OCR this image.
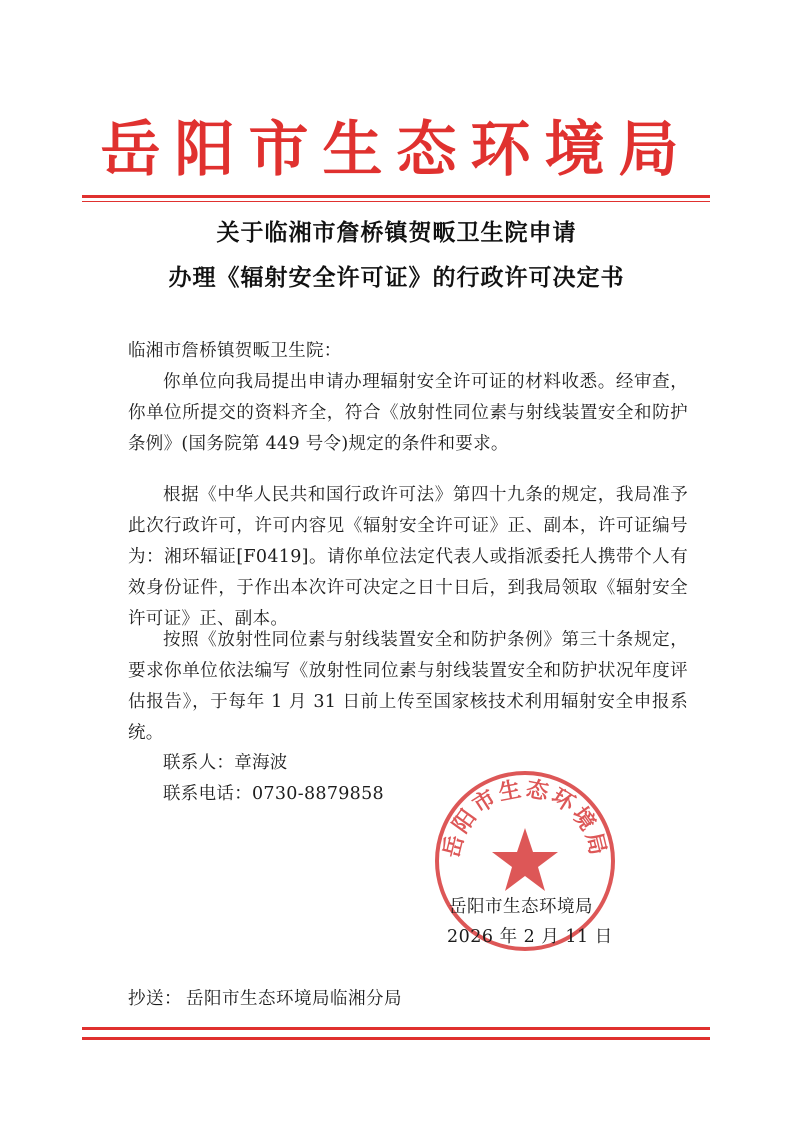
岳阳市生态环境局
关于临湘市詹桥镇贺畈卫生院申请
办理《辐射安全许可证》的行政许可决定书
临湘市詹桥镇贺畈卫生院：
你单位向我局提出申请办理辐射安全许可证的材料收悉。经审查，你单位所提交的资料齐全，符合《放射性同位素与射线装置安全和防护条例》(国务院第 449 号令)规定的条件和要求。
根据《中华人民共和国行政许可法》第四十九条的规定，我局准予此次行政许可，许可内容见《辐射安全许可证》正、副本，许可证编号为：湘环辐证[F0419]。请你单位法定代表人或指派委托人携带个人有效身份证件，于作出本次许可决定之日十日后，到我局领取《辐射安全许可证》正、副本。
按照《放射性同位素与射线装置安全和防护条例》第三十条规定，要求你单位依法编写《放射性同位素与射线装置安全和防护状况年度评估报告》，于每年 1 月 31 日前上传至国家核技术利用辐射安全申报系统。
联系人：章海波
联系电话：0730-8879858
岳阳市生态环境局
岳阳市生态环境局
2026 年 2 月 11 日
抄送： 岳阳市生态环境局临湘分局
